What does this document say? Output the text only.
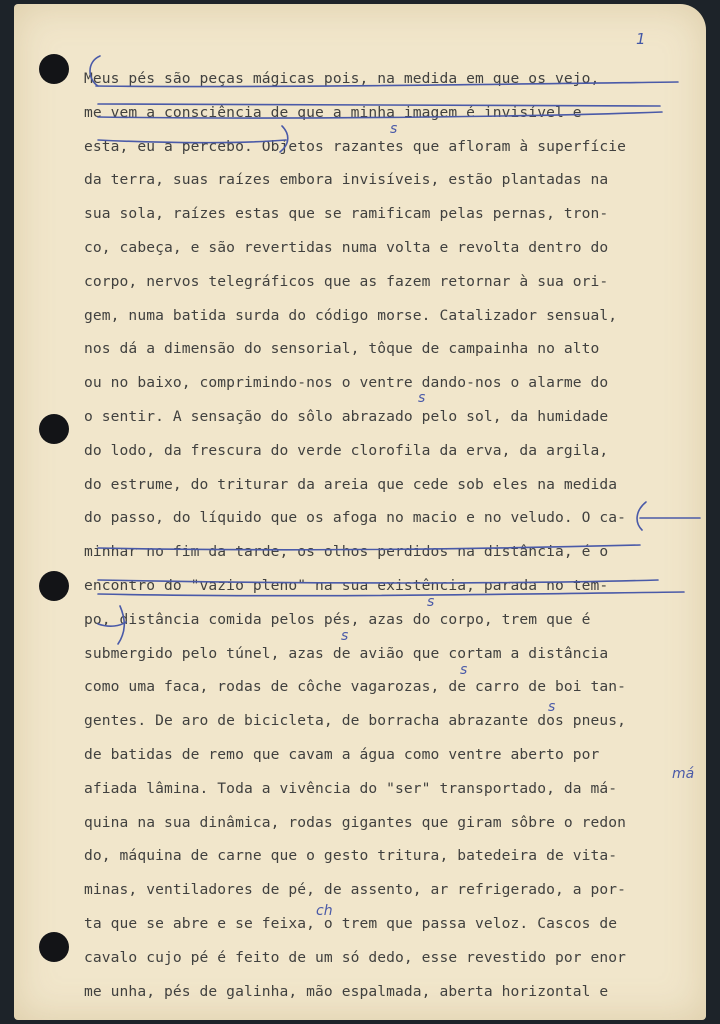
1
Meus pés são peças mágicas pois, na medida em que os vejo,
me vem a consciência de que a minha imagem é invisível e
esta, eu a percebo. Objetos razantes que afloram à superfície
da terra, suas raízes embora invisíveis, estão plantadas na
sua sola, raízes estas que se ramificam pelas pernas, tron-
co, cabeça, e são revertidas numa volta e revolta dentro do
corpo, nervos telegráficos que as fazem retornar à sua ori-
gem, numa batida surda do código morse. Catalizador sensual,
nos dá a dimensão do sensorial, tôque de campainha no alto
ou no baixo, comprimindo-nos o ventre dando-nos o alarme do
o sentir. A sensação do sôlo abrazado pelo sol, da humidade
do lodo, da frescura do verde clorofila da erva, da argila,
do estrume, do triturar da areia que cede sob eles na medida
do passo, do líquido que os afoga no macio e no veludo. O ca-
minhar no fim da tarde, os olhos perdidos na distância, é o
encontro do "vazio pleno" na sua existência, parada no tem-
po, distância comida pelos pés, azas do corpo, trem que é
submergido pelo túnel, azas de avião que cortam a distância
como uma faca, rodas de côche vagarozas, de carro de boi tan-
gentes. De aro de bicicleta, de borracha abrazante dos pneus,
de batidas de remo que cavam a água como ventre aberto por
afiada lâmina. Toda a vivência do "ser" transportado, da má-
quina na sua dinâmica, rodas gigantes que giram sôbre o redon
do, máquina de carne que o gesto tritura, batedeira de vita-
minas, ventiladores de pé, de assento, ar refrigerado, a por-
ta que se abre e se feixa, o trem que passa veloz. Cascos de
cavalo cujo pé é feito de um só dedo, esse revestido por enor
me unha, pés de galinha, mão espalmada, aberta horizontal e
s
s
s
s
s
s
ch
má
